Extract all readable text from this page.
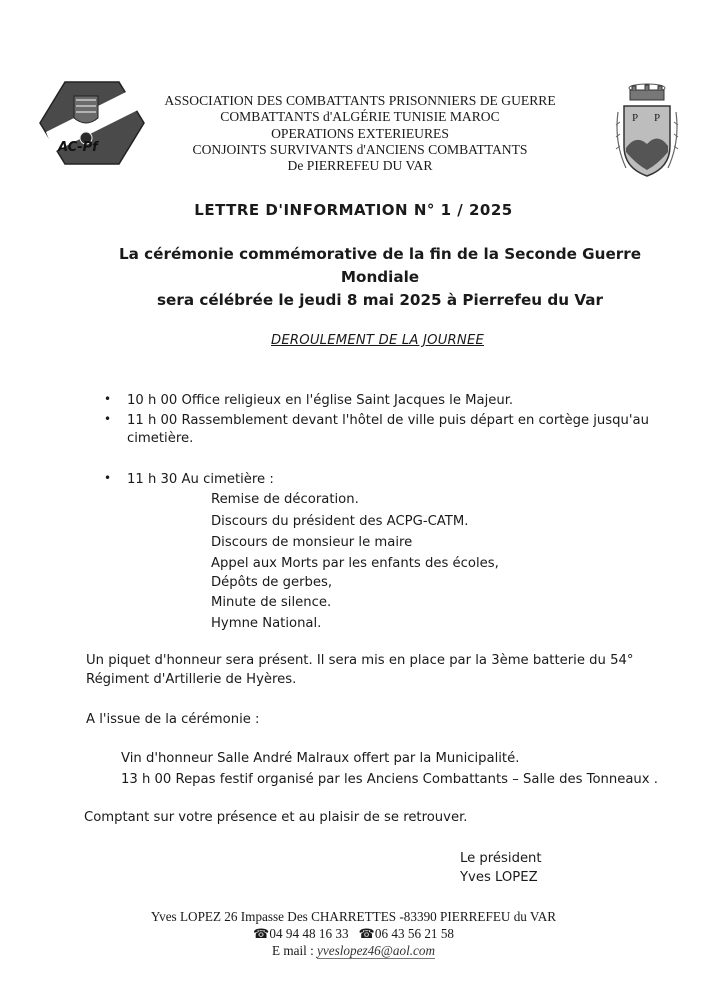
AC-Pf
ASSOCIATION DES COMBATTANTS PRISONNIERS DE GUERRE
COMBATTANTS d'ALGÉRIE TUNISIE MAROC
OPERATIONS EXTERIEURES
CONJOINTS SURVIVANTS d'ANCIENS COMBATTANTS
De PIERREFEU DU VAR
P P
LETTRE D'INFORMATION N° 1 / 2025
La cérémonie commémorative de la fin de la Seconde Guerre Mondiale
sera célébrée le jeudi 8 mai 2025 à Pierrefeu du Var
DEROULEMENT DE LA JOURNEE
• 10 h 00 Office religieux en l'église Saint Jacques le Majeur.
• 11 h 00 Rassemblement devant l'hôtel de ville puis départ en cortège jusqu'au
cimetière.
• 11 h 30 Au cimetière :
Remise de décoration.
Discours du président des ACPG-CATM.
Discours de monsieur le maire
Appel aux Morts par les enfants des écoles,
Dépôts de gerbes,
Minute de silence.
Hymne National.
Un piquet d'honneur sera présent. Il sera mis en place par la 3ème batterie du 54°
Régiment d'Artillerie de Hyères.
A l'issue de la cérémonie :
Vin d'honneur Salle André Malraux offert par la Municipalité.
13 h 00 Repas festif organisé par les Anciens Combattants – Salle des Tonneaux .
Comptant sur votre présence et au plaisir de se retrouver.
Le président
Yves LOPEZ
Yves LOPEZ 26 Impasse Des CHARRETTES -83390 PIERREFEU du VAR
☎04 94 48 16 33 ☎06 43 56 21 58
E mail : yveslopez46@aol.com
